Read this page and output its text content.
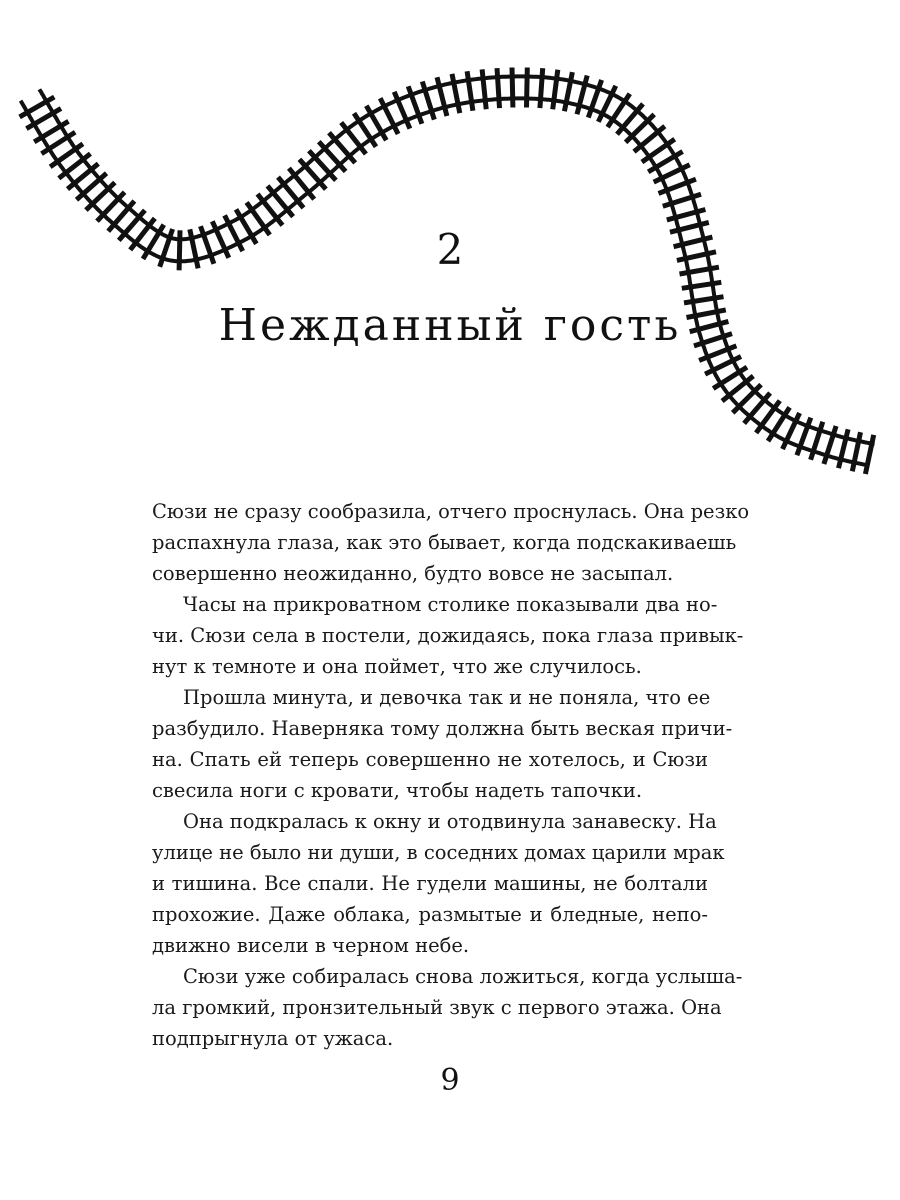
2
Нежданный гость
Сюзи не сразу сообразила, отчего проснулась. Она резко
распахнула глаза, как это бывает, когда подскакиваешь
совершенно неожиданно, будто вовсе не засыпал.
Часы на прикроватном столике показывали два но-
чи. Сюзи села в постели, дожидаясь, пока глаза привык-
нут к темноте и она поймет, что же случилось.
Прошла минута, и девочка так и не поняла, что ее
разбудило. Наверняка тому должна быть веская причи-
на. Спать ей теперь совершенно не хотелось, и Сюзи
свесила ноги с кровати, чтобы надеть тапочки.
Она подкралась к окну и отодвинула занавеску. На
улице не было ни души, в соседних домах царили мрак
и тишина. Все спали. Не гудели машины, не болтали
прохожие. Даже облака, размытые и бледные, непо-
движно висели в черном небе.
Сюзи уже собиралась снова ложиться, когда услыша-
ла громкий, пронзительный звук с первого этажа. Она
подпрыгнула от ужаса.
9
